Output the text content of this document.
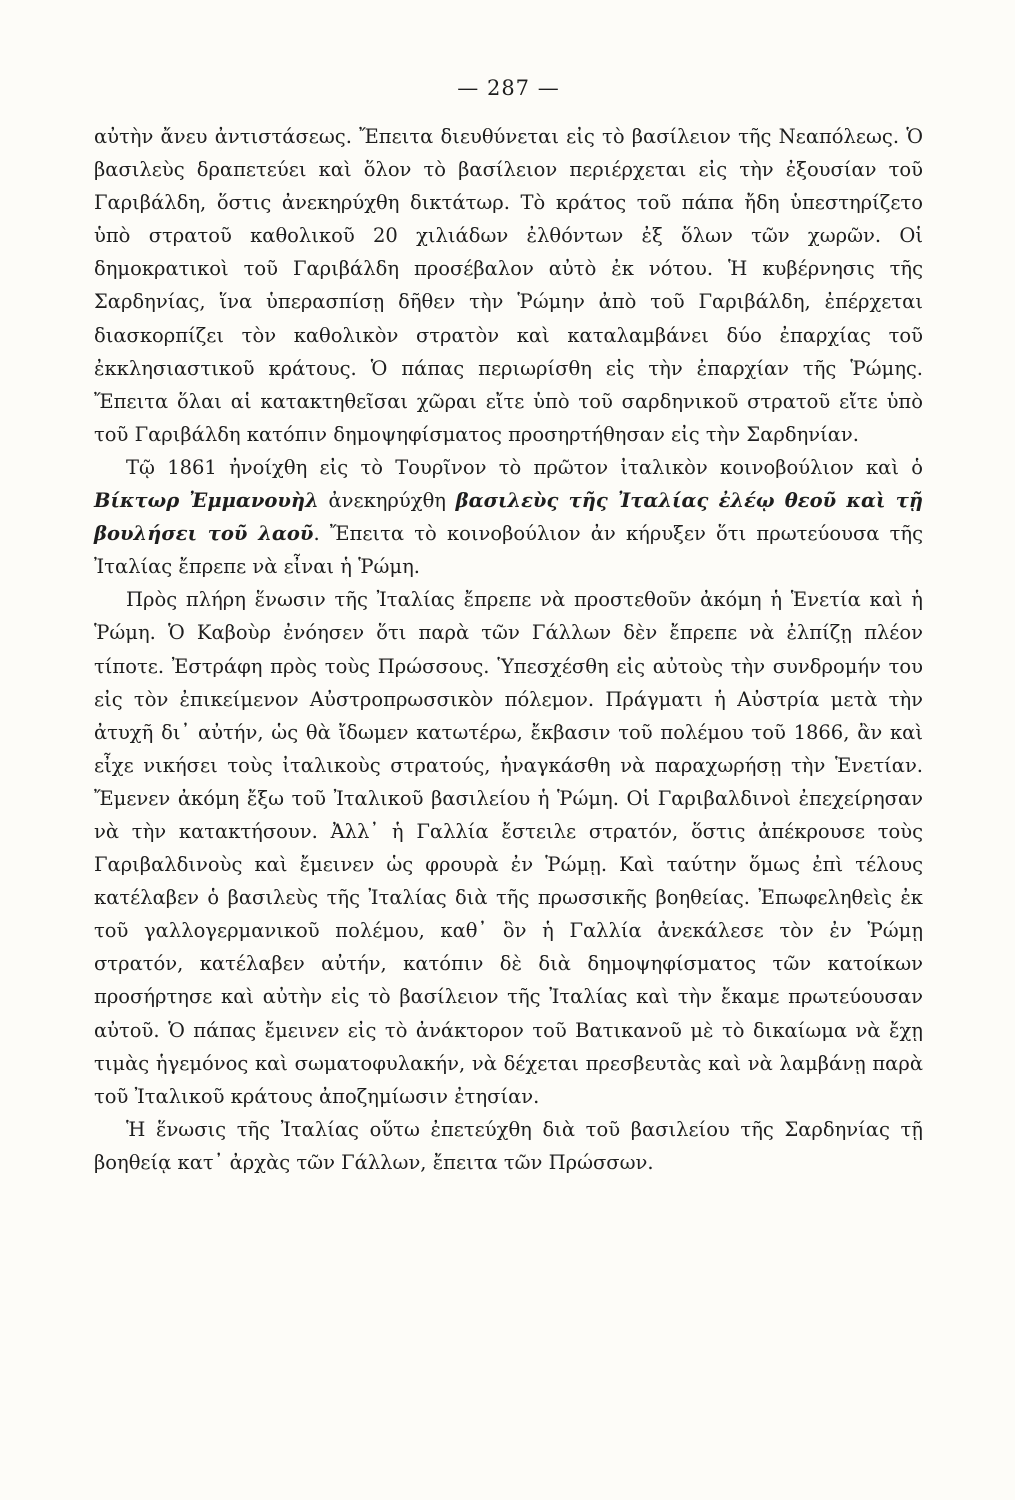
— 287 —

αὐτὴν ἄνευ ἀντιστάσεως. Ἔπειτα διευθύνεται εἰς τὸ βασίλειον τῆς Νεαπόλεως. Ὁ βασιλεὺς δραπετεύει καὶ ὅλον τὸ βασίλειον περιέρχεται εἰς τὴν ἐξουσίαν τοῦ Γαριβάλδη, ὅστις ἀνεκηρύχθη δικτάτωρ. Τὸ κράτος τοῦ πάπα ἤδη ὑπεστηρίζετο ὑπὸ στρατοῦ καθολικοῦ 20 χιλιάδων ἐλθόντων ἐξ ὅλων τῶν χωρῶν. Οἱ δημοκρατικοὶ τοῦ Γαριβάλδη προσέβαλον αὐτὸ ἐκ νότου. Ἡ κυβέρνησις τῆς Σαρδηνίας, ἵνα ὑπερασπίσῃ δῆθεν τὴν Ῥώμην ἀπὸ τοῦ Γαριβάλδη, ἐπέρχεται διασκορπίζει τὸν καθολικὸν στρατὸν καὶ καταλαμβάνει δύο ἐπαρχίας τοῦ ἐκκλησιαστικοῦ κράτους. Ὁ πάπας περιωρίσθη εἰς τὴν ἐπαρχίαν τῆς Ῥώμης. Ἔπειτα ὅλαι αἱ κατακτηθεῖσαι χῶραι εἴτε ὑπὸ τοῦ σαρδηνικοῦ στρατοῦ εἴτε ὑπὸ τοῦ Γαριβάλδη κατόπιν δημοψηφίσματος προσηρτήθησαν εἰς τὴν Σαρδηνίαν.

Τῷ 1861 ἠνοίχθη εἰς τὸ Τουρῖνον τὸ πρῶτον ἰταλικὸν κοινοβούλιον καὶ ὁ Βίκτωρ Ἐμμανουὴλ ἀνεκηρύχθη βασιλεὺς τῆς Ἰταλίας ἐλέῳ θεοῦ καὶ τῇ βουλήσει τοῦ λαοῦ. Ἔπειτα τὸ κοινοβούλιον ἀν κήρυξεν ὅτι πρωτεύουσα τῆς Ἰταλίας ἔπρεπε νὰ εἶναι ἡ Ῥώμη.

Πρὸς πλήρη ἕνωσιν τῆς Ἰταλίας ἔπρεπε νὰ προστεθοῦν ἀκόμη ἡ Ἑνετία καὶ ἡ Ῥώμη. Ὁ Καβοὺρ ἐνόησεν ὅτι παρὰ τῶν Γάλλων δὲν ἔπρεπε νὰ ἐλπίζῃ πλέον τίποτε. Ἐστράφη πρὸς τοὺς Πρώσσους. Ὑπεσχέσθη εἰς αὐτοὺς τὴν συνδρομήν του εἰς τὸν ἐπικείμενον Αὐστροπρωσσικὸν πόλεμον. Πράγματι ἡ Αὐστρία μετὰ τὴν ἀτυχῆ δι᾽ αὐτήν, ὡς θὰ ἴδωμεν κατωτέρω, ἔκβασιν τοῦ πολέμου τοῦ 1866, ἂν καὶ εἶχε νικήσει τοὺς ἰταλικοὺς στρατούς, ἠναγκάσθη νὰ παραχωρήσῃ τὴν Ἑνετίαν. Ἔμενεν ἀκόμη ἔξω τοῦ Ἰταλικοῦ βασιλείου ἡ Ῥώμη. Οἱ Γαριβαλδινοὶ ἐπεχείρησαν νὰ τὴν κατακτήσουν. Ἀλλ᾽ ἡ Γαλλία ἔστειλε στρατόν, ὅστις ἀπέκρουσε τοὺς Γαριβαλδινοὺς καὶ ἔμεινεν ὡς φρουρὰ ἐν Ῥώμῃ. Καὶ ταύτην ὅμως ἐπὶ τέλους κατέλαβεν ὁ βασιλεὺς τῆς Ἰταλίας διὰ τῆς πρωσσικῆς βοηθείας. Ἐπωφεληθεὶς ἐκ τοῦ γαλλογερμανικοῦ πολέμου, καθ᾽ ὃν ἡ Γαλλία ἀνεκάλεσε τὸν ἐν Ῥώμῃ στρατόν, κατέλαβεν αὐτήν, κατόπιν δὲ διὰ δημοψηφίσματος τῶν κατοίκων προσήρτησε καὶ αὐτὴν εἰς τὸ βασίλειον τῆς Ἰταλίας καὶ τὴν ἔκαμε πρωτεύουσαν αὐτοῦ. Ὁ πάπας ἔμεινεν εἰς τὸ ἀνάκτορον τοῦ Βατικανοῦ μὲ τὸ δικαίωμα νὰ ἔχῃ τιμὰς ἡγεμόνος καὶ σωματοφυλακήν, νὰ δέχεται πρεσβευτὰς καὶ νὰ λαμβάνῃ παρὰ τοῦ Ἰταλικοῦ κράτους ἀποζημίωσιν ἐτησίαν.

Ἡ ἕνωσις τῆς Ἰταλίας οὕτω ἐπετεύχθη διὰ τοῦ βασιλείου τῆς Σαρδηνίας τῇ βοηθείᾳ κατ᾽ ἀρχὰς τῶν Γάλλων, ἔπειτα τῶν Πρώσσων.
